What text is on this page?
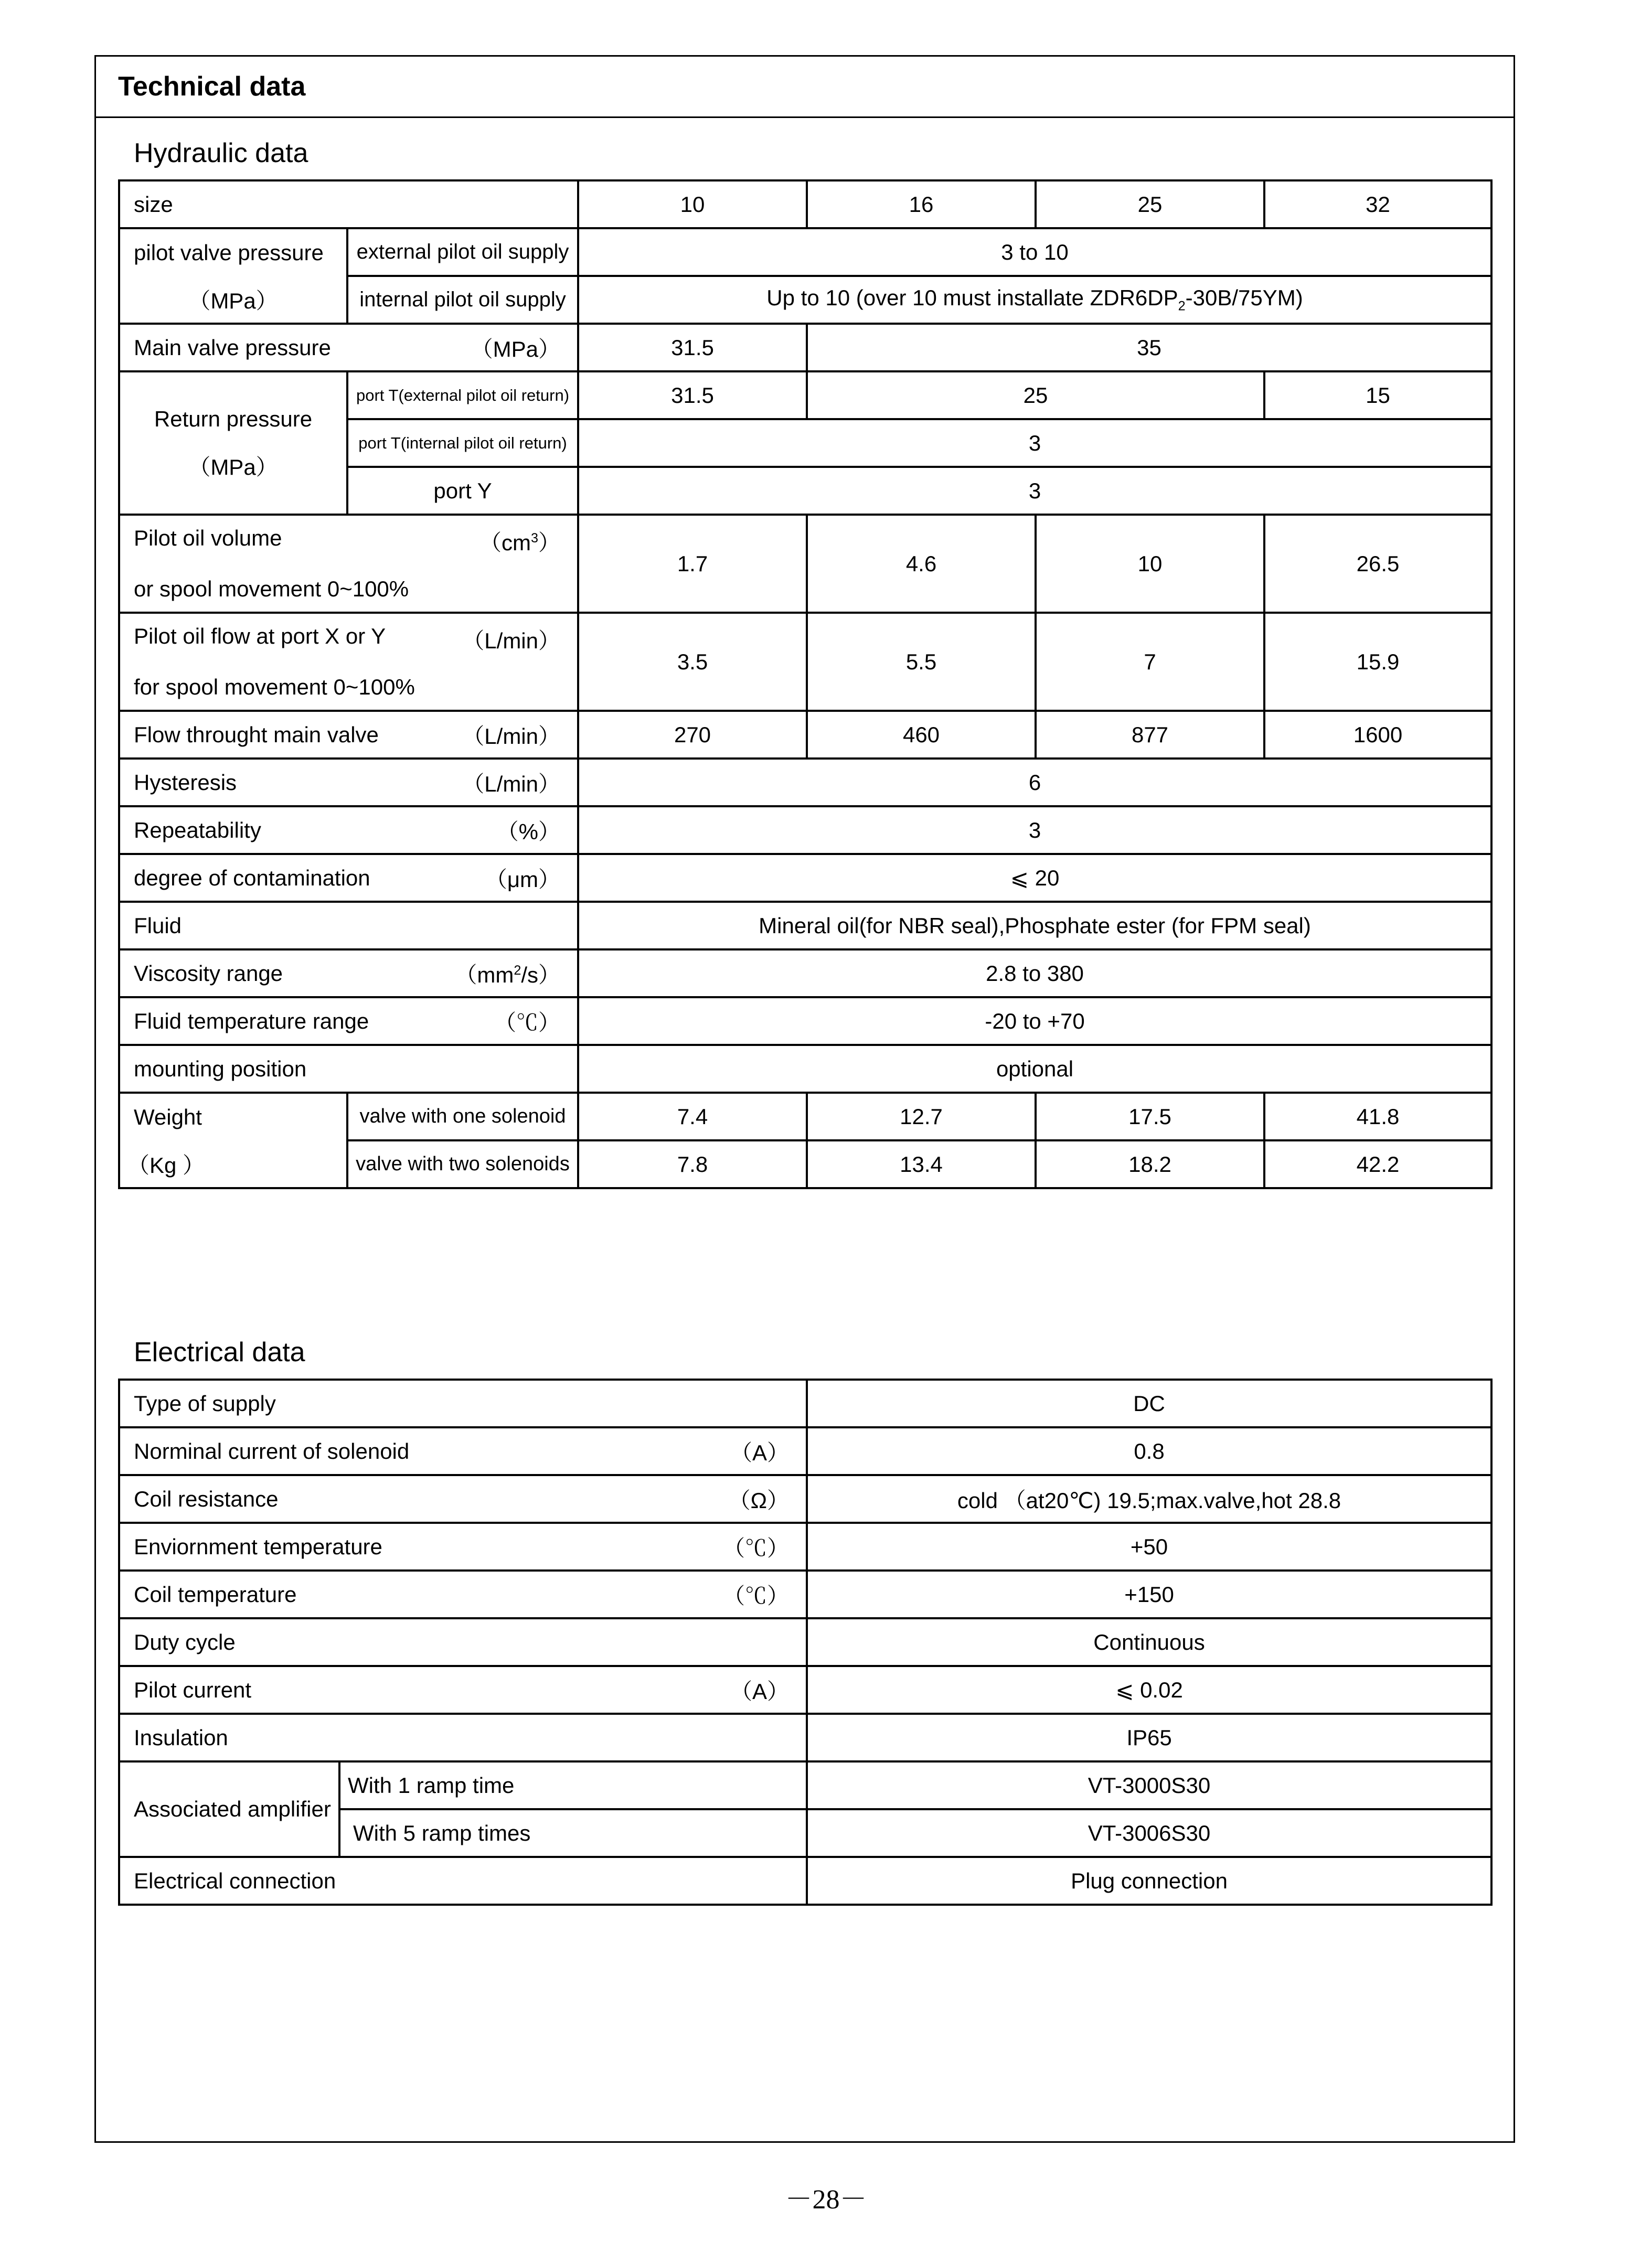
Technical data
Hydraulic data
size		10	16	25	32

pilot valve pressure
（MPa）	external pilot oil supply	3 to 10			
	internal pilot oil supply	Up to 10 (over 10 must installate $ZDR6DP_2-30B/75YM$)			

Main valve pressure （MPa）		31.5	35		

Return pressure
（MPa）	port T(external pilot oil return)	31.5	25		15
	port T(internal pilot oil return)	3			
	port Y	3			

Pilot oil volume $(cm^3)$
or spool movement 0~100%		1.7	4.6	10	26.5

Pilot oil flow at port X or Y （L/min）
for spool movement 0~100%		3.5	5.5	7	15.9

Flow throught main valve （L/min）		270	460	877	1600

Hysteresis （L/min）		6			

Repeatability （%）		3			

degree of contamination （μm）		⩽ 20			
Fluid		Mineral oil(for NBR seal),Phosphate ester (for FPM seal)			

Viscosity range $(mm^2/s)$		2.8 to 380			

Fluid temperature range （℃）		-20 to +70			
mounting position		optional			

Weight
（Kg ）	valve with one solenoid	7.4	12.7	17.5	41.8
	valve with two solenoids	7.8	13.4	18.2	42.2
Electrical data
Type of supply		DC

Norminal current of solenoid （A）		0.8

Coil resistance （Ω）		cold （at20℃) 19.5;max.valve,hot 28.8

Enviornment temperature （℃）		+50

Coil temperature （℃）		+150

Duty cycle		Continuous

Pilot current （A）		⩽ 0.02

Insulation		IP65
Associated amplifier	With 1 ramp time	VT-3000S30
	With 5 ramp times	VT-3006S30
Electrical connection		Plug connection
－28－
